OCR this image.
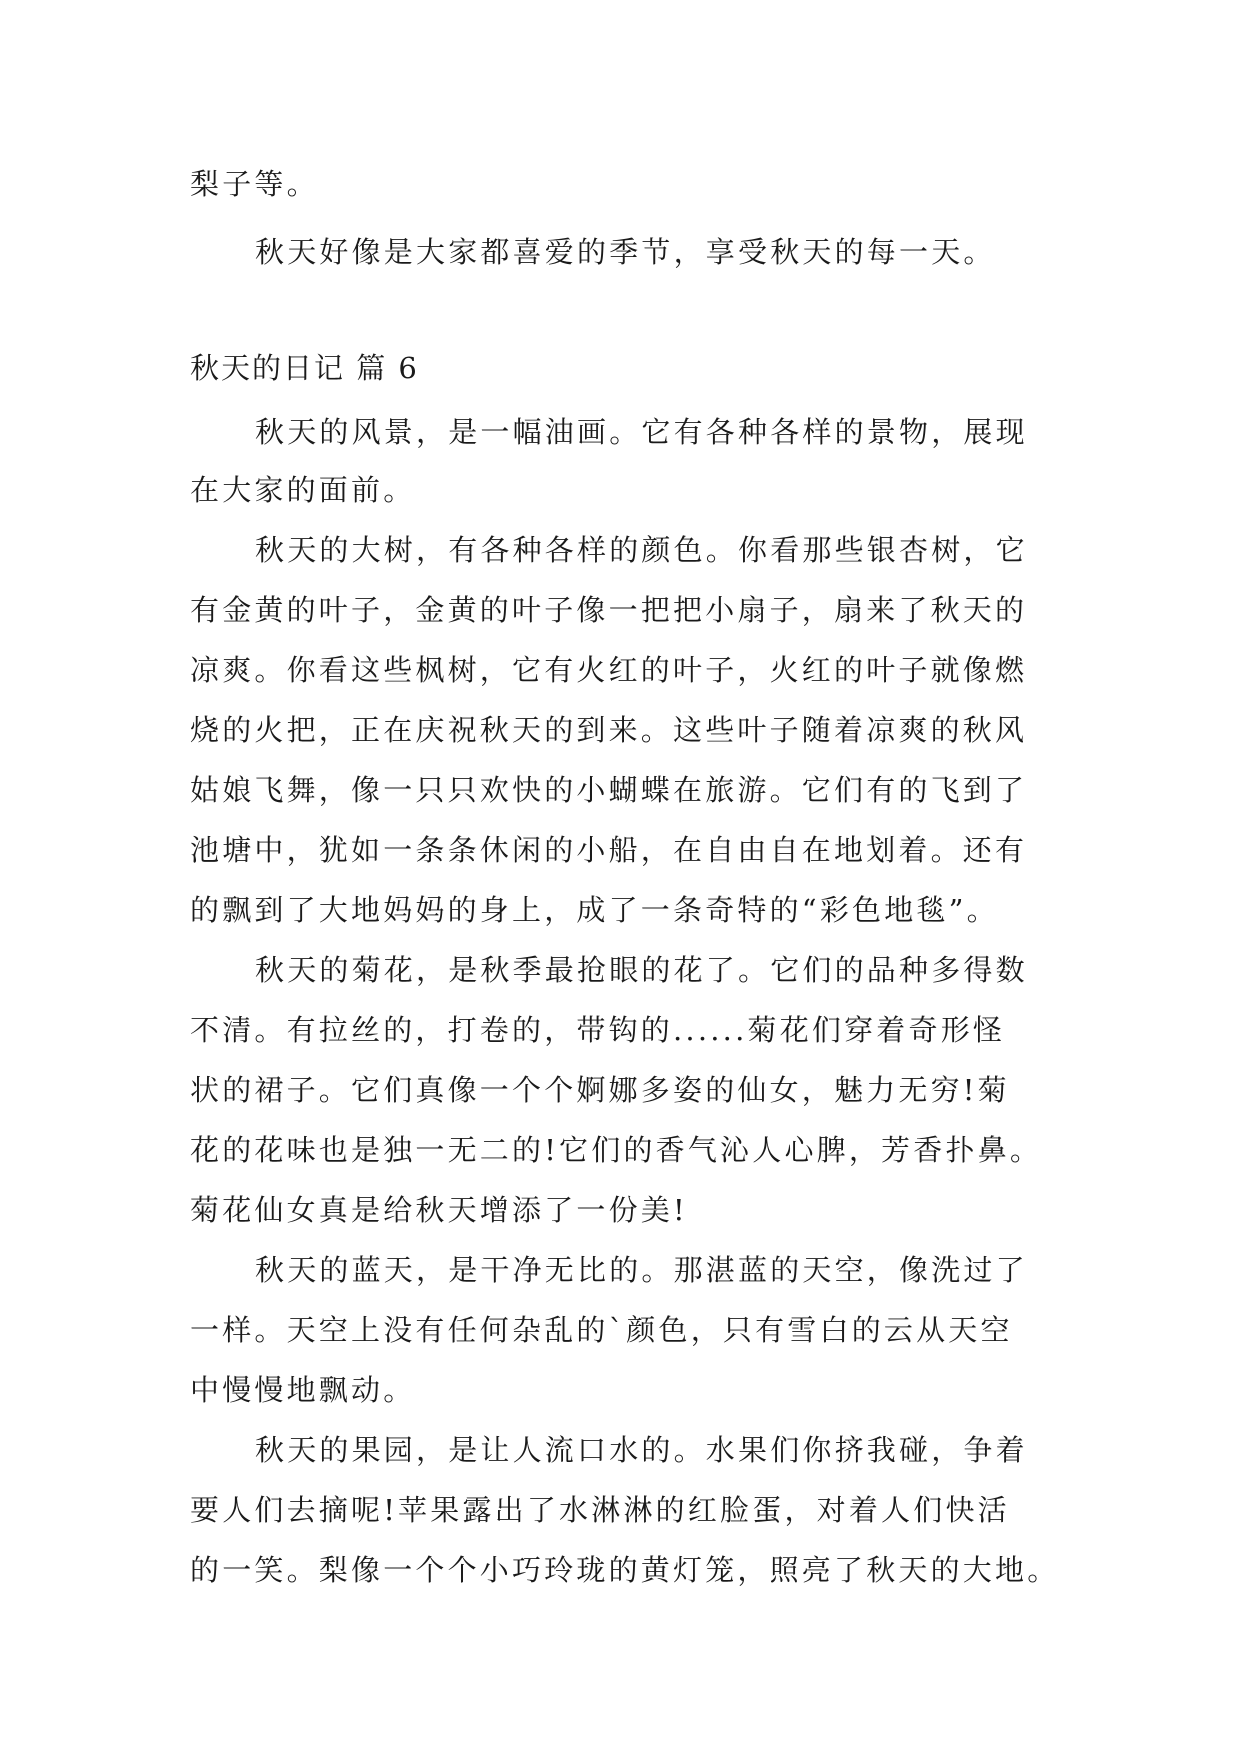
梨子等。
秋天好像是大家都喜爱的季节，享受秋天的每一天。
秋天的日记 篇 6
秋天的风景，是一幅油画。它有各种各样的景物，展现
在大家的面前。
秋天的大树，有各种各样的颜色。你看那些银杏树，它
有金黄的叶子，金黄的叶子像一把把小扇子，扇来了秋天的
凉爽。你看这些枫树，它有火红的叶子，火红的叶子就像燃
烧的火把，正在庆祝秋天的到来。这些叶子随着凉爽的秋风
姑娘飞舞，像一只只欢快的小蝴蝶在旅游。它们有的飞到了
池塘中，犹如一条条休闲的小船，在自由自在地划着。还有
的飘到了大地妈妈的身上，成了一条奇特的“彩色地毯”。
秋天的菊花，是秋季最抢眼的花了。它们的品种多得数
不清。有拉丝的，打卷的，带钩的......菊花们穿着奇形怪
状的裙子。它们真像一个个婀娜多姿的仙女，魅力无穷!菊
花的花味也是独一无二的!它们的香气沁人心脾，芳香扑鼻。
菊花仙女真是给秋天增添了一份美!
秋天的蓝天，是干净无比的。那湛蓝的天空，像洗过了
一样。天空上没有任何杂乱的`颜色，只有雪白的云从天空
中慢慢地飘动。
秋天的果园，是让人流口水的。水果们你挤我碰，争着
要人们去摘呢!苹果露出了水淋淋的红脸蛋，对着人们快活
的一笑。梨像一个个小巧玲珑的黄灯笼，照亮了秋天的大地。
